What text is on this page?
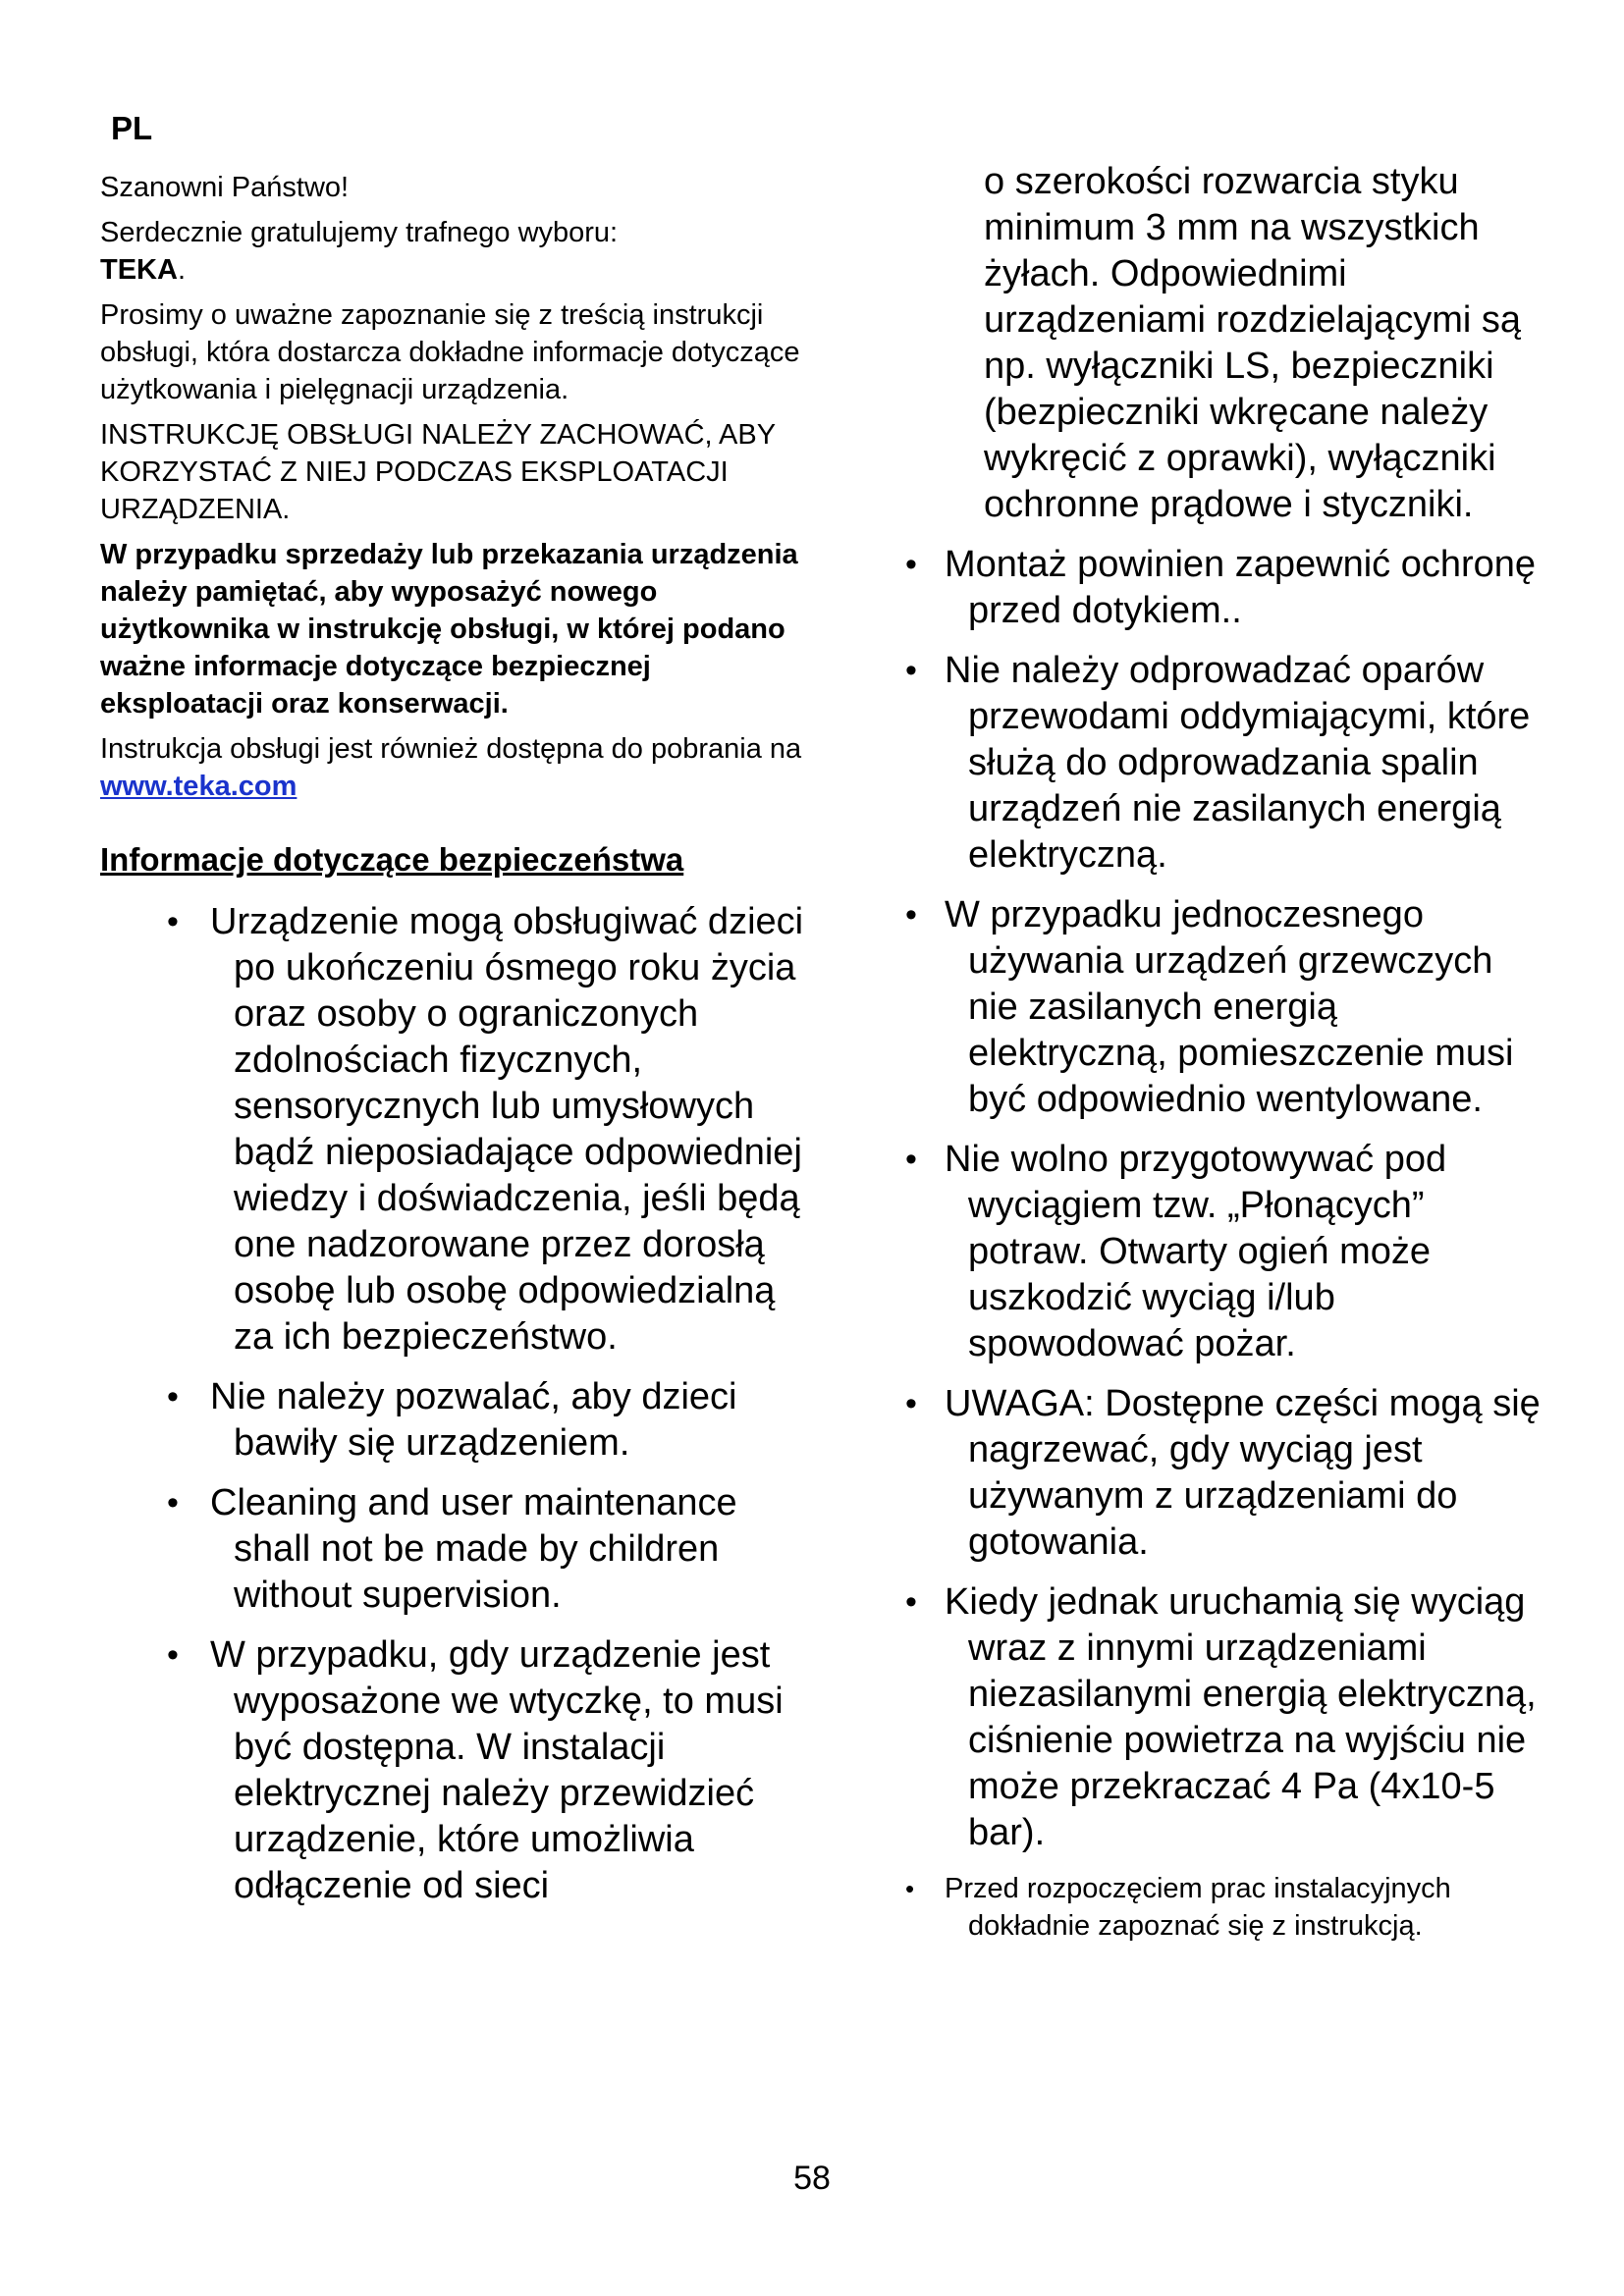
PL

Szanowni Państwo!

Serdecznie gratulujemy trafnego wyboru:
TEKA.

Prosimy o uważne zapoznanie się z treścią instrukcji obsługi, która dostarcza dokładne informacje dotyczące użytkowania i pielęgnacji urządzenia.

INSTRUKCJĘ OBSŁUGI NALEŻY ZACHOWAĆ, ABY KORZYSTAĆ Z NIEJ PODCZAS EKSPLOATACJI URZĄDZENIA.

W przypadku sprzedaży lub przekazania urządzenia należy pamiętać, aby wyposażyć nowego użytkownika w instrukcję obsługi, w której podano ważne informacje dotyczące bezpiecznej eksploatacji oraz konserwacji.

Instrukcja obsługi jest również dostępna do pobrania na www.teka.com

Informacje dotyczące bezpieczeństwa
• Urządzenie mogą obsługiwać dzieci po ukończeniu ósmego roku życia oraz osoby o ograniczonych zdolnościach fizycznych, sensorycznych lub umysłowych bądź nieposiadające odpowiedniej wiedzy i doświadczenia, jeśli będą one nadzorowane przez dorosłą osobę lub osobę odpowiedzialną za ich bezpieczeństwo.
• Nie należy pozwalać, aby dzieci bawiły się urządzeniem.
• Cleaning and user maintenance shall not be made by children without supervision.
• W przypadku, gdy urządzenie jest wyposażone we wtyczkę, to musi być dostępna. W instalacji elektrycznej należy przewidzieć urządzenie, które umożliwia odłączenie od sieci
o szerokości rozwarcia styku minimum 3 mm na wszystkich żyłach. Odpowiednimi urządzeniami rozdzielającymi są np. wyłączniki LS, bezpieczniki (bezpieczniki wkręcane należy wykręcić z oprawki), wyłączniki ochronne prądowe i styczniki.
• Montaż powinien zapewnić ochronę przed dotykiem..
• Nie należy odprowadzać oparów przewodami oddymiającymi, które służą do odprowadzania spalin urządzeń nie zasilanych energią elektryczną.
• W przypadku jednoczesnego używania urządzeń grzewczych nie zasilanych energią elektryczną, pomieszczenie musi być odpowiednio wentylowane.
• Nie wolno przygotowywać pod wyciągiem tzw. „Płonących” potraw. Otwarty ogień może uszkodzić wyciąg i/lub spowodować pożar.
• UWAGA: Dostępne części mogą się nagrzewać, gdy wyciąg jest używanym z urządzeniami do gotowania.
• Kiedy jednak uruchamią się wyciąg wraz z innymi urządzeniami niezasilanymi energią elektryczną, ciśnienie powietrza na wyjściu nie może przekraczać 4 Pa (4x10-5 bar).
• Przed rozpoczęciem prac instalacyjnych dokładnie zapoznać się z instrukcją.
58
